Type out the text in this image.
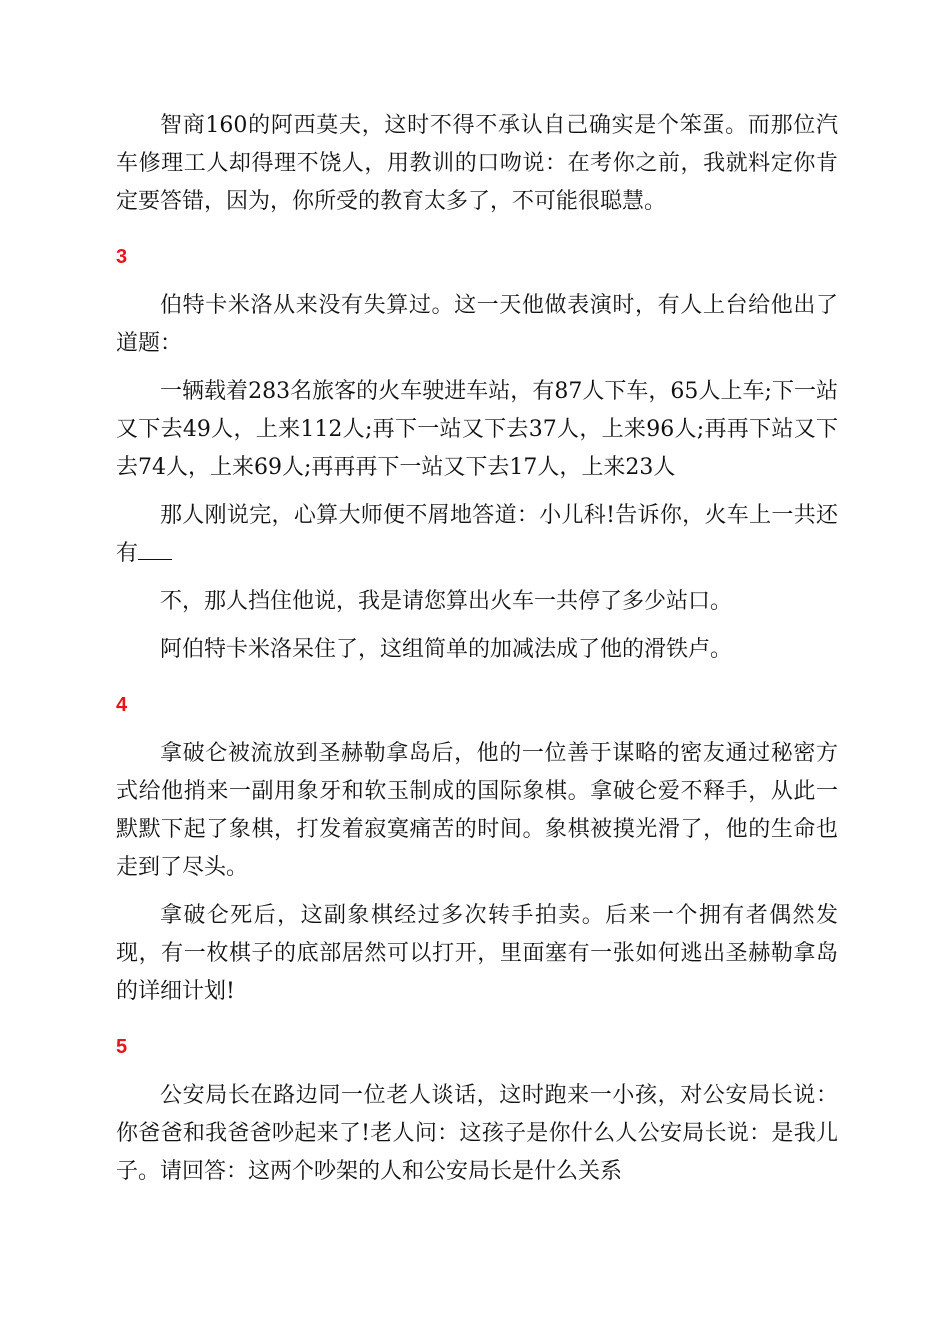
智商160的阿西莫夫，这时不得不承认自己确实是个笨蛋。而那位汽车修理工人却得理不饶人，用教训的口吻说：在考你之前，我就料定你肯定要答错，因为，你所受的教育太多了，不可能很聪慧。

3

伯特卡米洛从来没有失算过。这一天他做表演时，有人上台给他出了道题：

一辆载着283名旅客的火车驶进车站，有87人下车，65人上车;下一站又下去49人，上来112人;再下一站又下去37人，上来96人;再再下站又下去74人，上来69人;再再再下一站又下去17人，上来23人

那人刚说完，心算大师便不屑地答道：小儿科!告诉你，火车上一共还有

不，那人挡住他说，我是请您算出火车一共停了多少站口。

阿伯特卡米洛呆住了，这组简单的加减法成了他的滑铁卢。

4

拿破仑被流放到圣赫勒拿岛后，他的一位善于谋略的密友通过秘密方式给他捎来一副用象牙和软玉制成的国际象棋。拿破仑爱不释手，从此一默默下起了象棋，打发着寂寞痛苦的时间。象棋被摸光滑了，他的生命也走到了尽头。

拿破仑死后，这副象棋经过多次转手拍卖。后来一个拥有者偶然发现，有一枚棋子的底部居然可以打开，里面塞有一张如何逃出圣赫勒拿岛的详细计划!

5

公安局长在路边同一位老人谈话，这时跑来一小孩，对公安局长说：你爸爸和我爸爸吵起来了!老人问：这孩子是你什么人公安局长说：是我儿子。请回答：这两个吵架的人和公安局长是什么关系
